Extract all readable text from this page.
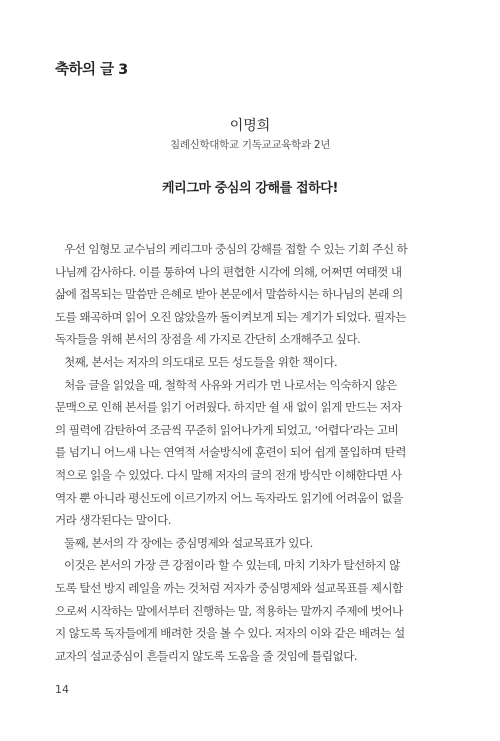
축하의 글 3
이명희
침례신학대학교 기독교교육학과 2년
케리그마 중심의 강해를 접하다!
우선 임형모 교수님의 케리그마 중심의 강해를 접할 수 있는 기회 주신 하
나님께 감사하다. 이를 통하여 나의 편협한 시각에 의해, 어쩌면 여태껏 내
삶에 접목되는 말씀만 은혜로 받아 본문에서 말씀하시는 하나님의 본래 의
도를 왜곡하며 읽어 오진 않았을까 돌이켜보게 되는 계기가 되었다. 필자는
독자들을 위해 본서의 장점을 세 가지로 간단히 소개해주고 싶다.
첫째, 본서는 저자의 의도대로 모든 성도들을 위한 책이다.
처음 글을 읽었을 때, 철학적 사유와 거리가 먼 나로서는 익숙하지 않은
문맥으로 인해 본서를 읽기 어려웠다. 하지만 쉴 새 없이 읽게 만드는 저자
의 필력에 감탄하여 조금씩 꾸준히 읽어나가게 되었고, ‘어렵다’라는 고비
를 넘기니 어느새 나는 연역적 서술방식에 훈련이 되어 쉽게 몰입하며 탄력
적으로 읽을 수 있었다. 다시 말해 저자의 글의 전개 방식만 이해한다면 사
역자 뿐 아니라 평신도에 이르기까지 어느 독자라도 읽기에 어려움이 없을
거라 생각된다는 말이다.
둘째, 본서의 각 장에는 중심명제와 설교목표가 있다.
이것은 본서의 가장 큰 강점이라 할 수 있는데, 마치 기차가 탈선하지 않
도록 탈선 방지 레일을 까는 것처럼 저자가 중심명제와 설교목표를 제시함
으로써 시작하는 말에서부터 진행하는 말, 적용하는 말까지 주제에 벗어나
지 않도록 독자들에게 배려한 것을 볼 수 있다. 저자의 이와 같은 배려는 설
교자의 설교중심이 흔들리지 않도록 도움을 줄 것임에 틀림없다.
14
